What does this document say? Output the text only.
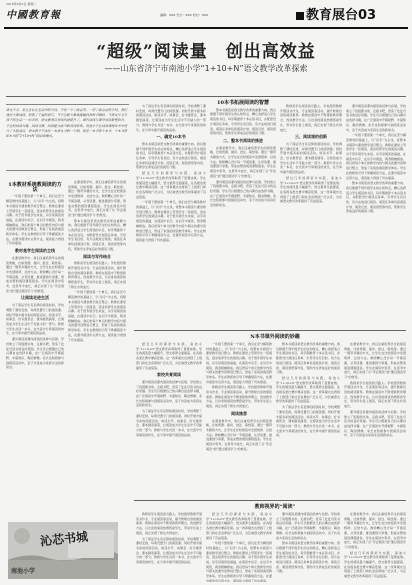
2019年9月3日 星期二
中國教育報	编辑：XXX 设计：XXX 校对：XXX	教育展台03
“超级”阅读量　创出高效益
——山东省济宁市南池小学“1+10+N”语文教学改革探索
语文学习，是让生长在生活中的学问，不是一学了就会用、一用了就会会的学问。我们通过大量阅读、积累了丰富的语言，当学生能大量地接触到各种书籍时，当语文学习与孩子的生活一一结合时，语文素养自然而然就提升了。课内阅读与课外阅读紧密联合，学生的阅读兴趣、阅读习惯、阅读能力就不断得到培养。南池小学在阅读课程改革中进行了大胆尝试，语文教学不再是一本语文书教一学期，而是一本书带十本书，十本书带N本书的“1+10+N”的阅读模式。
1本教材系统教阅读的方法

一年级下册的第一个单元，我们在充分解读教材的基础上，以“识字”为主线，将整本书阅读与课堂教学进行整合。教师在课堂上带领学生一起阅读，逐步培养学生的阅读兴趣。对于低年级学生来说，识字是阅读的基础，在阅读中识字，在识字中阅读，两者相辅相成。我们把每个单元的教学内容与相关的课外读物进行整合，形成了系统的阅读教学体系。学生在教师的引导下掌握阅读方法，在课外阅读中运用方法，阅读能力得到了切实提高。

教材是学生阅读的主线

在课堂教学中，我们注重培养学生的阅读策略，比如预测、提问、批注、联结等。通过一篇带多篇的方式，让学生在比较阅读中发现规律、总结方法。教师精心设计每一节阅读课，从导读课、推进课到分享课，形成完整的阅读课程链条。学生在阅读中思考，在思考中成长，真正实现了从“学会阅读”到“通过阅读学习”的转变。

让阅读走进生活

为了保证学生有足够的阅读时间，学校调整了课时安排，每周设置专门的阅读课。同时开展丰富多彩的阅读活动，如读书节、故事会、好书推荐会、课本剧表演等，让阅读成为学生生活中不可缺少的一部分。教师与学生共读一本书，在交流中分享阅读的快乐，在分享中提升阅读的品质。

课外阅读是课内阅读的延伸与拓展。学校建立了班级图书角、走廊书吧，营造了处处可读书的良好氛围。学生可以根据自己的兴趣自由选择书籍，在广泛阅读中开阔视野、丰富知识、陶冶情操。家长也积极参与到阅读活动中，亲子共读成为家庭生活的新常态。

在课堂教学中，我们注重培养学生的阅读策略，比如预测、提问、批注、联结等。通过一篇带多篇的方式，让学生在比较阅读中发现规律、总结方法。教师精心设计每一节阅读课，从导读课、推进课到分享课，形成完整的阅读课程链条。学生在阅读中思考，在思考中成长，真正实现了从“学会阅读”到“通过阅读学习”的转变。

整本书阅读是语文教学改革的重要方向。我们根据不同年级学生的认知特点，精心选择适合学生阅读的书目，每学期推荐十本必读书目，并配套设计阅读任务单，引导学生有目的、有方法地进行阅读。阅读任务单包括阅读计划、阅读记录、阅读感悟等内容，帮助学生养成良好的阅读习惯。

阅读与写作结合

教师是学生阅读的引路人。学校组织教师开展读书沙龙、专业阅读等活动，提升教师自身的阅读素养。教师在阅读中不断更新教育理念，改进教学方法，以自身的阅读热情感染学生，带动学生爱上阅读，真正实现了师生共同成长。

一年级下册的第一个单元，我们在充分解读教材的基础上，以“识字”为主线，将整本书阅读与课堂教学进行整合。教师在课堂上带领学生一起阅读，逐步培养学生的阅读兴趣。对于低年级学生来说，识字是阅读的基础，在阅读中识字，在识字中阅读，两者相辅相成。我们把每个单元的教学内容与相关的课外读物进行整合，形成了系统的阅读教学体系。学生在教师的引导下掌握阅读方法，在课外阅读中运用方法，阅读能力得到了切实提高。

为了保证学生有足够的阅读时间，学校调整了课时安排，每周设置专门的阅读课。同时开展丰富多彩的阅读活动，如读书节、故事会、好书推荐会、课本剧表演等，让阅读成为学生生活中不可缺少的一部分。教师与学生共读一本书，在交流中分享阅读的快乐，在分享中提升阅读的品质。

一、确定10本书

整本书阅读是语文教学改革的重要方向。我们根据不同年级学生的认知特点，精心选择适合学生阅读的书目，每学期推荐十本必读书目，并配套设计阅读任务单，引导学生有目的、有方法地进行阅读。阅读任务单包括阅读计划、阅读记录、阅读感悟等内容，帮助学生养成良好的阅读习惯。

经过几年的探索与实践，南池小学“1+10+N”语文教学改革取得了显著成效。学生的阅读量大幅提升，语文素养全面提高，在各级各类比赛中屡获佳绩。这一改革模式也得到了上级部门和社会各界的广泛认可，为区域语文教学改革提供了有益借鉴。

一年级下册的第一个单元，我们在充分解读教材的基础上，以“识字”为主线，将整本书阅读与课堂教学进行整合。教师在课堂上带领学生一起阅读，逐步培养学生的阅读兴趣。对于低年级学生来说，识字是阅读的基础，在阅读中识字，在识字中阅读，两者相辅相成。我们把每个单元的教学内容与相关的课外读物进行整合，形成了系统的阅读教学体系。学生在教师的引导下掌握阅读方法，在课外阅读中运用方法，阅读能力得到了切实提高。

10本书拓展阅读的智慧

整本书阅读是语文教学改革的重要方向。我们根据不同年级学生的认知特点，精心选择适合学生阅读的书目，每学期推荐十本必读书目，并配套设计阅读任务单，引导学生有目的、有方法地进行阅读。阅读任务单包括阅读计划、阅读记录、阅读感悟等内容，帮助学生养成良好的阅读习惯。

二、整本书阅读的推进

在课堂教学中，我们注重培养学生的阅读策略，比如预测、提问、批注、联结等。通过一篇带多篇的方式，让学生在比较阅读中发现规律、总结方法。教师精心设计每一节阅读课，从导读课、推进课到分享课，形成完整的阅读课程链条。学生在阅读中思考，在思考中成长，真正实现了从“学会阅读”到“通过阅读学习”的转变。

课外阅读是课内阅读的延伸与拓展。学校建立了班级图书角、走廊书吧，营造了处处可读书的良好氛围。学生可以根据自己的兴趣自由选择书籍，在广泛阅读中开阔视野、丰富知识、陶冶情操。家长也积极参与到阅读活动中，亲子共读成为家庭生活的新常态。

教师是学生阅读的引路人。学校组织教师开展读书沙龙、专业阅读等活动，提升教师自身的阅读素养。教师在阅读中不断更新教育理念，改进教学方法，以自身的阅读热情感染学生，带动学生爱上阅读，真正实现了师生共同成长。

三、阅读课的创新

为了保证学生有足够的阅读时间，学校调整了课时安排，每周设置专门的阅读课。同时开展丰富多彩的阅读活动，如读书节、故事会、好书推荐会、课本剧表演等，让阅读成为学生生活中不可缺少的一部分。教师与学生共读一本书，在交流中分享阅读的快乐，在分享中提升阅读的品质。

经过几年的探索与实践，南池小学“1+10+N”语文教学改革取得了显著成效。学生的阅读量大幅提升，语文素养全面提高，在各级各类比赛中屡获佳绩。这一改革模式也得到了上级部门和社会各界的广泛认可，为区域语文教学改革提供了有益借鉴。

课外阅读是课内阅读的延伸与拓展。学校建立了班级图书角、走廊书吧，营造了处处可读书的良好氛围。学生可以根据自己的兴趣自由选择书籍，在广泛阅读中开阔视野、丰富知识、陶冶情操。家长也积极参与到阅读活动中，亲子共读成为家庭生活的新常态。

一年级下册的第一个单元，我们在充分解读教材的基础上，以“识字”为主线，将整本书阅读与课堂教学进行整合。教师在课堂上带领学生一起阅读，逐步培养学生的阅读兴趣。对于低年级学生来说，识字是阅读的基础，在阅读中识字，在识字中阅读，两者相辅相成。我们把每个单元的教学内容与相关的课外读物进行整合，形成了系统的阅读教学体系。学生在教师的引导下掌握阅读方法，在课外阅读中运用方法，阅读能力得到了切实提高。

整本书阅读是语文教学改革的重要方向。我们根据不同年级学生的认知特点，精心选择适合学生阅读的书目，每学期推荐十本必读书目，并配套设计阅读任务单，引导学生有目的、有方法地进行阅读。阅读任务单包括阅读计划、阅读记录、阅读感悟等内容，帮助学生养成良好的阅读习惯。

N本书课外阅读的妙趣

经过几年的探索与实践，南池小学“1+10+N”语文教学改革取得了显著成效。学生的阅读量大幅提升，语文素养全面提高，在各级各类比赛中屡获佳绩。这一改革模式也得到了上级部门和社会各界的广泛认可，为区域语文教学改革提供了有益借鉴。

家校共育阅读

课外阅读是课内阅读的延伸与拓展。学校建立了班级图书角、走廊书吧，营造了处处可读书的良好氛围。学生可以根据自己的兴趣自由选择书籍，在广泛阅读中开阔视野、丰富知识、陶冶情操。家长也积极参与到阅读活动中，亲子共读成为家庭生活的新常态。

为了保证学生有足够的阅读时间，学校调整了课时安排，每周设置专门的阅读课。同时开展丰富多彩的阅读活动，如读书节、故事会、好书推荐会、课本剧表演等，让阅读成为学生生活中不可缺少的一部分。教师与学生共读一本书，在交流中分享阅读的快乐，在分享中提升阅读的品质。

一年级下册的第一个单元，我们在充分解读教材的基础上，以“识字”为主线，将整本书阅读与课堂教学进行整合。教师在课堂上带领学生一起阅读，逐步培养学生的阅读兴趣。对于低年级学生来说，识字是阅读的基础，在阅读中识字，在识字中阅读，两者相辅相成。我们把每个单元的教学内容与相关的课外读物进行整合，形成了系统的阅读教学体系。学生在教师的引导下掌握阅读方法，在课外阅读中运用方法，阅读能力得到了切实提高。

教师是学生阅读的引路人。学校组织教师开展读书沙龙、专业阅读等活动，提升教师自身的阅读素养。教师在阅读中不断更新教育理念，改进教学方法，以自身的阅读热情感染学生，带动学生爱上阅读，真正实现了师生共同成长。

阅读推荐

在课堂教学中，我们注重培养学生的阅读策略，比如预测、提问、批注、联结等。通过一篇带多篇的方式，让学生在比较阅读中发现规律、总结方法。教师精心设计每一节阅读课，从导读课、推进课到分享课，形成完整的阅读课程链条。学生在阅读中思考，在思考中成长，真正实现了从“学会阅读”到“通过阅读学习”的转变。

整本书阅读是语文教学改革的重要方向。我们根据不同年级学生的认知特点，精心选择适合学生阅读的书目，每学期推荐十本必读书目，并配套设计阅读任务单，引导学生有目的、有方法地进行阅读。阅读任务单包括阅读计划、阅读记录、阅读感悟等内容，帮助学生养成良好的阅读习惯。

经过几年的探索与实践，南池小学“1+10+N”语文教学改革取得了显著成效。学生的阅读量大幅提升，语文素养全面提高，在各级各类比赛中屡获佳绩。这一改革模式也得到了上级部门和社会各界的广泛认可，为区域语文教学改革提供了有益借鉴。

为了保证学生有足够的阅读时间，学校调整了课时安排，每周设置专门的阅读课。同时开展丰富多彩的阅读活动，如读书节、故事会、好书推荐会、课本剧表演等，让阅读成为学生生活中不可缺少的一部分。教师与学生共读一本书，在交流中分享阅读的快乐，在分享中提升阅读的品质。

在课堂教学中，我们注重培养学生的阅读策略，比如预测、提问、批注、联结等。通过一篇带多篇的方式，让学生在比较阅读中发现规律、总结方法。教师精心设计每一节阅读课，从导读课、推进课到分享课，形成完整的阅读课程链条。学生在阅读中思考，在思考中成长，真正实现了从“学会阅读”到“通过阅读学习”的转变。

教师是学生阅读的引路人。学校组织教师开展读书沙龙、专业阅读等活动，提升教师自身的阅读素养。教师在阅读中不断更新教育理念，改进教学方法，以自身的阅读热情感染学生，带动学生爱上阅读，真正实现了师生共同成长。

课外阅读是课内阅读的延伸与拓展。学校建立了班级图书角、走廊书吧，营造了处处可读书的良好氛围。学生可以根据自己的兴趣自由选择书籍，在广泛阅读中开阔视野、丰富知识、陶冶情操。家长也积极参与到阅读活动中，亲子共读成为家庭生活的新常态。

教师视界的“阅读”

教师是学生阅读的引路人。学校组织教师开展读书沙龙、专业阅读等活动，提升教师自身的阅读素养。教师在阅读中不断更新教育理念，改进教学方法，以自身的阅读热情感染学生，带动学生爱上阅读，真正实现了师生共同成长。

为了保证学生有足够的阅读时间，学校调整了课时安排，每周设置专门的阅读课。同时开展丰富多彩的阅读活动，如读书节、故事会、好书推荐会、课本剧表演等，让阅读成为学生生活中不可缺少的一部分。教师与学生共读一本书，在交流中分享阅读的快乐，在分享中提升阅读的品质。

经过几年的探索与实践，南池小学“1+10+N”语文教学改革取得了显著成效。学生的阅读量大幅提升，语文素养全面提高，在各级各类比赛中屡获佳绩。这一改革模式也得到了上级部门和社会各界的广泛认可，为区域语文教学改革提供了有益借鉴。

一年级下册的第一个单元，我们在充分解读教材的基础上，以“识字”为主线，将整本书阅读与课堂教学进行整合。教师在课堂上带领学生一起阅读，逐步培养学生的阅读兴趣。对于低年级学生来说，识字是阅读的基础，在阅读中识字，在识字中阅读，两者相辅相成。我们把每个单元的教学内容与相关的课外读物进行整合，形成了系统的阅读教学体系。学生在教师的引导下掌握阅读方法，在课外阅读中运用方法，阅读能力得到了切实提高。

课外阅读是课内阅读的延伸与拓展。学校建立了班级图书角、走廊书吧，营造了处处可读书的良好氛围。学生可以根据自己的兴趣自由选择书籍，在广泛阅读中开阔视野、丰富知识、陶冶情操。家长也积极参与到阅读活动中，亲子共读成为家庭生活的新常态。

整本书阅读是语文教学改革的重要方向。我们根据不同年级学生的认知特点，精心选择适合学生阅读的书目，每学期推荐十本必读书目，并配套设计阅读任务单，引导学生有目的、有方法地进行阅读。阅读任务单包括阅读计划、阅读记录、阅读感悟等内容，帮助学生养成良好的阅读习惯。

在课堂教学中，我们注重培养学生的阅读策略，比如预测、提问、批注、联结等。通过一篇带多篇的方式，让学生在比较阅读中发现规律、总结方法。教师精心设计每一节阅读课，从导读课、推进课到分享课，形成完整的阅读课程链条。学生在阅读中思考，在思考中成长，真正实现了从“学会阅读”到“通过阅读学习”的转变。

经过几年的探索与实践，南池小学“1+10+N”语文教学改革取得了显著成效。学生的阅读量大幅提升，语文素养全面提高，在各级各类比赛中屡获佳绩。这一改革模式也得到了上级部门和社会各界的广泛认可，为区域语文教学改革提供了有益借鉴。

沁芯书城
南池小学
